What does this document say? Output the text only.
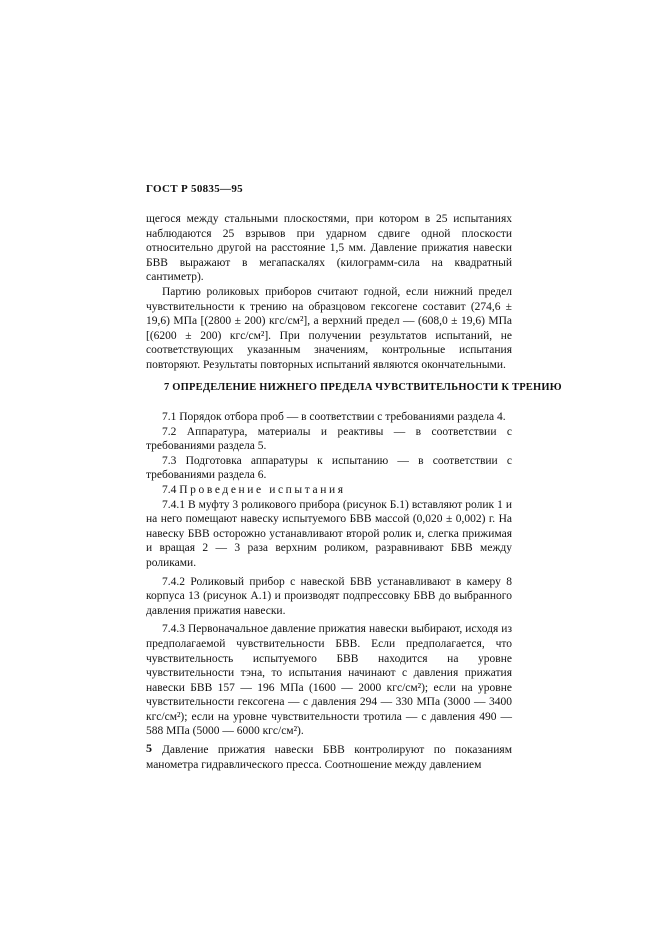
ГОСТ Р 50835—95

щегося между стальными плоскостями, при котором в 25 испытаниях наблюдаются 25 взрывов при ударном сдвиге одной плоскости относительно другой на расстояние 1,5 мм. Давление прижатия навески БВВ выражают в мегапаскалях (килограмм-сила на квадратный сантиметр).

Партию роликовых приборов считают годной, если нижний предел чувствительности к трению на образцовом гексогене составит (274,6 ± 19,6) МПа [(2800 ± 200) кгс/см²], а верхний предел — (608,0 ± 19,6) МПа [(6200 ± 200) кгс/см²]. При получении результатов испытаний, не соответствующих указанным значениям, контрольные испытания повторяют. Результаты повторных испытаний являются окончательными.

7 ОПРЕДЕЛЕНИЕ НИЖНЕГО ПРЕДЕЛА ЧУВСТВИТЕЛЬНОСТИ К ТРЕНИЮ

7.1 Порядок отбора проб — в соответствии с требованиями раздела 4.

7.2 Аппаратура, материалы и реактивы — в соответствии с требованиями раздела 5.

7.3 Подготовка аппаратуры к испытанию — в соответствии с требованиями раздела 6.

7.4 Проведение испытания

7.4.1 В муфту 3 роликового прибора (рисунок Б.1) вставляют ролик 1 и на него помещают навеску испытуемого БВВ массой (0,020 ± 0,002) г. На навеску БВВ осторожно устанавливают второй ролик и, слегка прижимая и вращая 2 — 3 раза верхним роликом, разравнивают БВВ между роликами.

7.4.2 Роликовый прибор с навеской БВВ устанавливают в камеру 8 корпуса 13 (рисунок А.1) и производят подпрессовку БВВ до выбранного давления прижатия навески.

7.4.3 Первоначальное давление прижатия навески выбирают, исходя из предполагаемой чувствительности БВВ. Если предполагается, что чувствительность испытуемого БВВ находится на уровне чувствительности тэна, то испытания начинают с давления прижатия навески БВВ 157 — 196 МПа (1600 — 2000 кгс/см²); если на уровне чувствительности гексогена — с давления 294 — 330 МПа (3000 — 3400 кгс/см²); если на уровне чувствительности тротила — с давления 490 — 588 МПа (5000 — 6000 кгс/см²).

Давление прижатия навески БВВ контролируют по показаниям манометра гидравлического пресса. Соотношение между давлением

5
